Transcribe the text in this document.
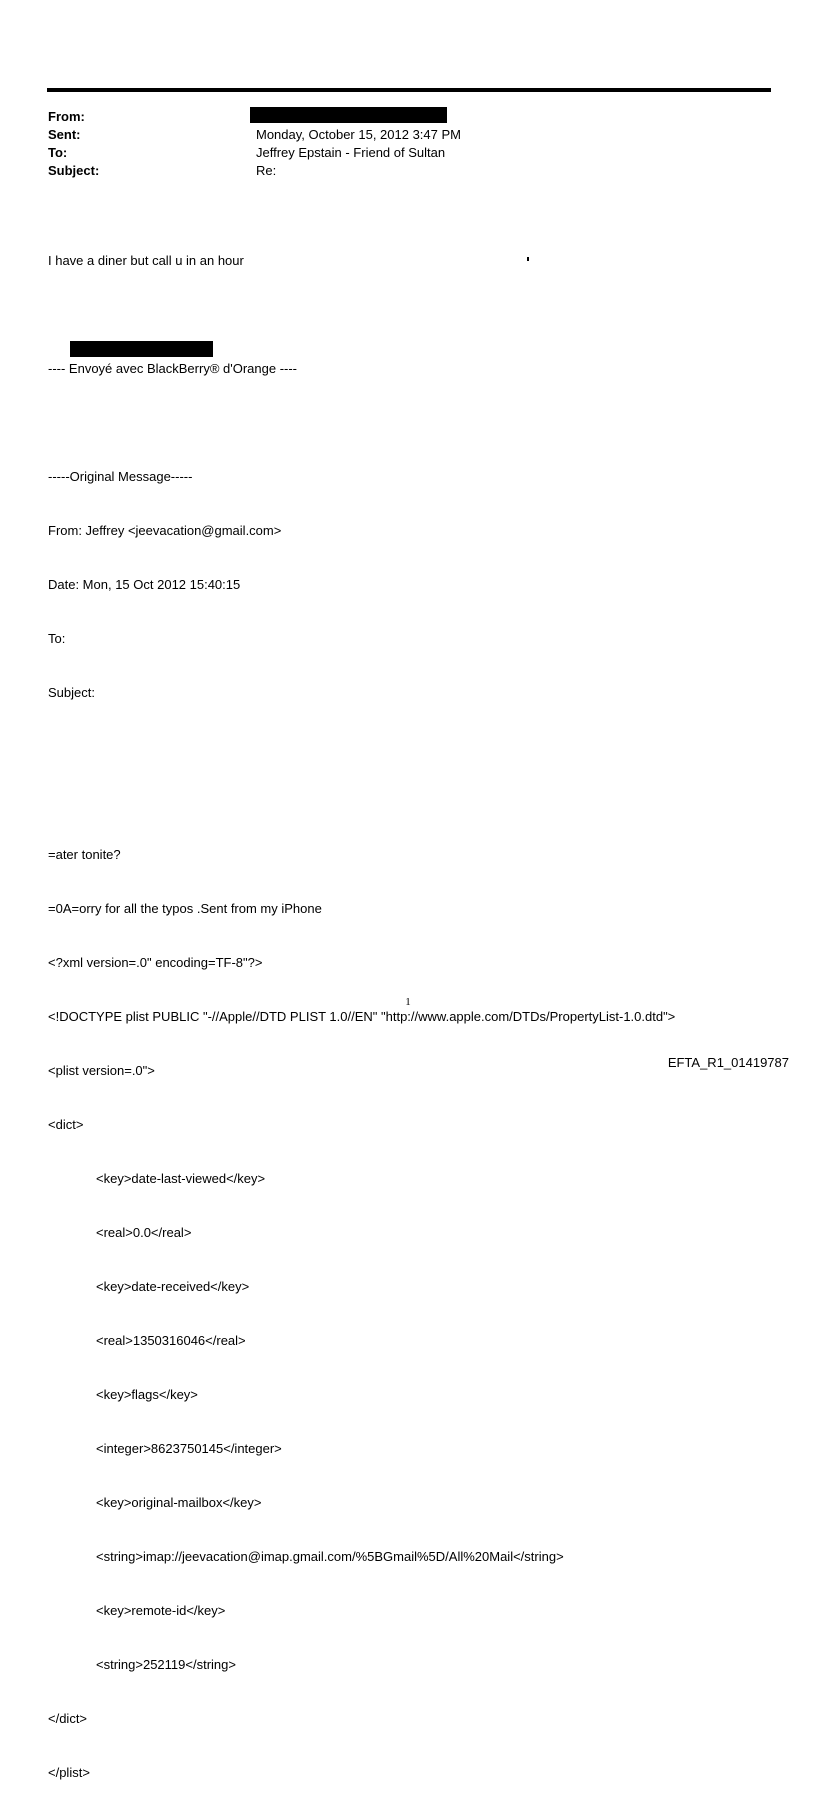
From:
Sent:	Monday, October 15, 2012 3:47 PM
To:	Jeffrey Epstain - Friend of Sultan
Subject:	Re:

I have a diner but call u in an hour

---- Envoyé avec BlackBerry® d'Orange ----

-----Original Message-----

From: Jeffrey <jeevacation@gmail.com>

Date: Mon, 15 Oct 2012 15:40:15

To:

Subject:

=ater tonite?

=0A=orry for all the typos .Sent from my iPhone

<?xml version=.0" encoding=TF-8"?>

<!DOCTYPE plist PUBLIC "-//Apple//DTD PLIST 1.0//EN" "http://www.apple.com/DTDs/PropertyList-1.0.dtd">

<plist version=.0">

<dict>

<key>date-last-viewed</key>

<real>0.0</real>

<key>date-received</key>

<real>1350316046</real>

<key>flags</key>

<integer>8623750145</integer>

<key>original-mailbox</key>

<string>imap://jeevacation@imap.gmail.com/%5BGmail%5D/All%20Mail</string>

<key>remote-id</key>

<string>252119</string>

</dict>

</plist>

1
EFTA_R1_01419787
